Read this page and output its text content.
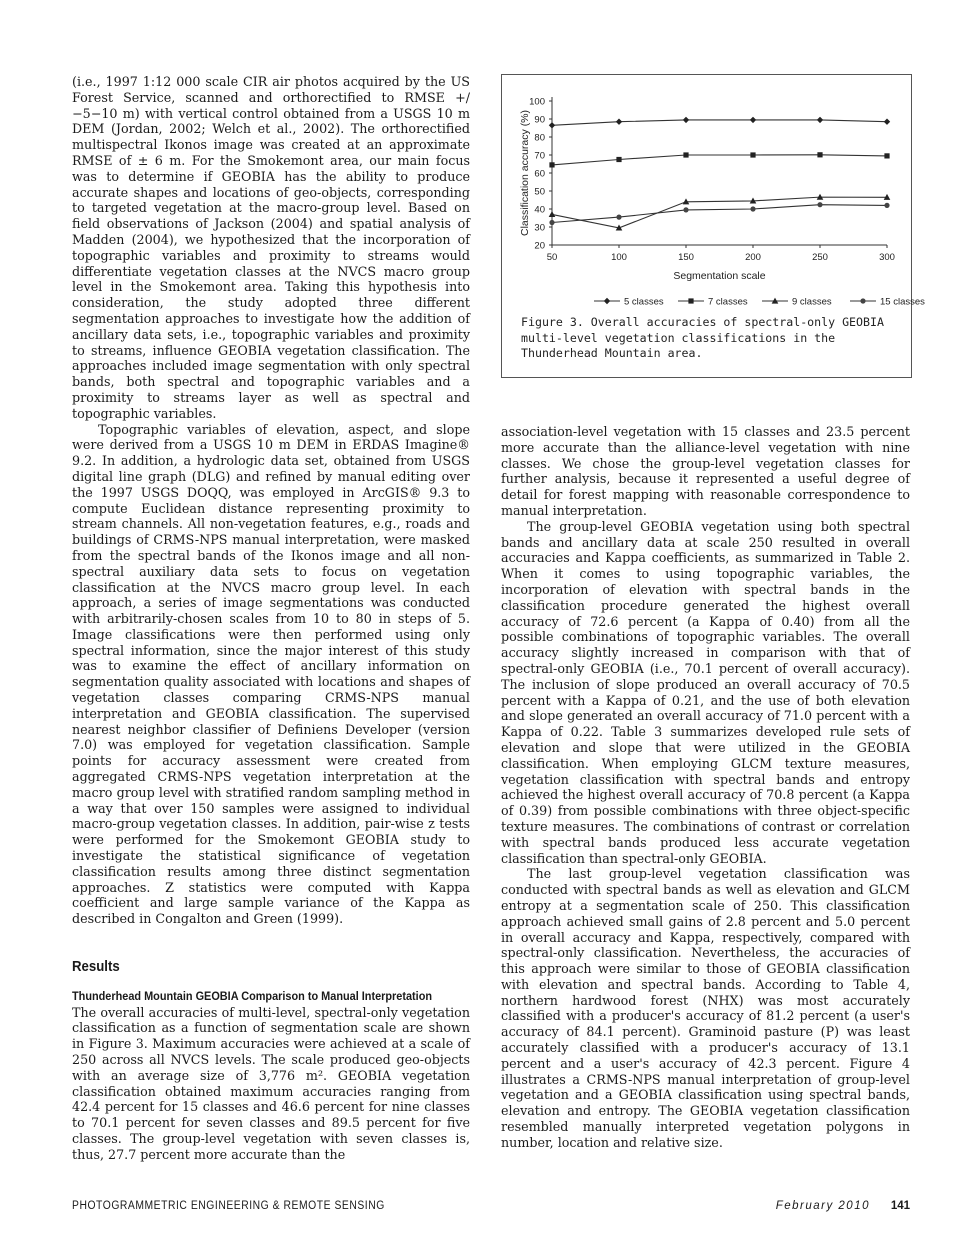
20
30
40
50
60
70
80
90
100
50	100	150	200	250	300
Segmentation scale
Classification accuracy (%)
5 classes	7 classes	9 classes	15 classes
Figure 3. Overall accuracies of spectral-only GEOBIA multi-level vegetation classifications in the Thunderhead Mountain area.

(i.e., 1997 1:12 000 scale CIR air photos acquired by the US Forest Service, scanned and orthorectified to RMSE +/−5−10 m) with vertical control obtained from a USGS 10 m DEM (Jordan, 2002; Welch et al., 2002). The orthorectified multispectral Ikonos image was created at an approximate RMSE of ± 6 m. For the Smokemont area, our main focus was to determine if GEOBIA has the ability to produce accurate shapes and locations of geo-objects, corresponding to targeted vegetation at the macro-group level. Based on field observations of Jackson (2004) and spatial analysis of Madden (2004), we hypothesized that the incorporation of topographic variables and proximity to streams would differentiate vegetation classes at the NVCS macro group level in the Smokemont area. Taking this hypothesis into consideration, the study adopted three different segmentation approaches to investigate how the addition of ancillary data sets, i.e., topographic variables and proximity to streams, influence GEOBIA vegetation classification. The approaches included image segmentation with only spectral bands, both spectral and topographic variables and a proximity to streams layer as well as spectral and topographic variables.

Topographic variables of elevation, aspect, and slope were derived from a USGS 10 m DEM in ERDAS Imagine® 9.2. In addition, a hydrologic data set, obtained from USGS digital line graph (DLG) and refined by manual editing over the 1997 USGS DOQQ, was employed in ArcGIS® 9.3 to compute Euclidean distance representing proximity to stream channels. All non-vegetation features, e.g., roads and buildings of CRMS-NPS manual interpretation, were masked from the spectral bands of the Ikonos image and all non-spectral auxiliary data sets to focus on vegetation classification at the NVCS macro group level. In each approach, a series of image segmentations was conducted with arbitrarily-chosen scales from 10 to 80 in steps of 5. Image classifications were then performed using only spectral information, since the major interest of this study was to examine the effect of ancillary information on segmentation quality associated with locations and shapes of vegetation classes comparing CRMS-NPS manual interpretation and GEOBIA classification. The supervised nearest neighbor classifier of Definiens Developer (version 7.0) was employed for vegetation classification. Sample points for accuracy assessment were created from aggregated CRMS-NPS vegetation interpretation at the macro group level with stratified random sampling method in a way that over 150 samples were assigned to individual macro-group vegetation classes. In addition, pair-wise z tests were performed for the Smokemont GEOBIA study to investigate the statistical significance of vegetation classification results among three distinct segmentation approaches. Z statistics were computed with Kappa coefficient and large sample variance of the Kappa as described in Congalton and Green (1999).

Results
Thunderhead Mountain GEOBIA Comparison to Manual Interpretation

The overall accuracies of multi-level, spectral-only vegetation classification as a function of segmentation scale are shown in Figure 3. Maximum accuracies were achieved at a scale of 250 across all NVCS levels. The scale produced geo-objects with an average size of 3,776 m². GEOBIA vegetation classification obtained maximum accuracies ranging from 42.4 percent for 15 classes and 46.6 percent for nine classes to 70.1 percent for seven classes and 89.5 percent for five classes. The group-level vegetation with seven classes is, thus, 27.7 percent more accurate than the

association-level vegetation with 15 classes and 23.5 percent more accurate than the alliance-level vegetation with nine classes. We chose the group-level vegetation classes for further analysis, because it represented a useful degree of detail for forest mapping with reasonable correspondence to manual interpretation.

The group-level GEOBIA vegetation using both spectral bands and ancillary data at scale 250 resulted in overall accuracies and Kappa coefficients, as summarized in Table 2. When it comes to using topographic variables, the incorporation of elevation with spectral bands in the classification procedure generated the highest overall accuracy of 72.6 percent (a Kappa of 0.40) from all the possible combinations of topographic variables. The overall accuracy slightly increased in comparison with that of spectral-only GEOBIA (i.e., 70.1 percent of overall accuracy). The inclusion of slope produced an overall accuracy of 70.5 percent with a Kappa of 0.21, and the use of both elevation and slope generated an overall accuracy of 71.0 percent with a Kappa of 0.22. Table 3 summarizes developed rule sets of elevation and slope that were utilized in the GEOBIA classification. When employing GLCM texture measures, vegetation classification with spectral bands and entropy achieved the highest overall accuracy of 70.8 percent (a Kappa of 0.39) from possible combinations with three object-specific texture measures. The combinations of contrast or correlation with spectral bands produced less accurate vegetation classification than spectral-only GEOBIA.

The last group-level vegetation classification was conducted with spectral bands as well as elevation and GLCM entropy at a segmentation scale of 250. This classification approach achieved small gains of 2.8 percent and 5.0 percent in overall accuracy and Kappa, respectively, compared with spectral-only classification. Nevertheless, the accuracies of this approach were similar to those of GEOBIA classification with elevation and spectral bands. According to Table 4, northern hardwood forest (NHX) was most accurately classified with a producer's accuracy of 81.2 percent (a user's accuracy of 84.1 percent). Graminoid pasture (P) was least accurately classified with a producer's accuracy of 13.1 percent and a user's accuracy of 42.3 percent. Figure 4 illustrates a CRMS-NPS manual interpretation of group-level vegetation and a GEOBIA classification using spectral bands, elevation and entropy. The GEOBIA vegetation classification resembled manually interpreted vegetation polygons in number, location and relative size.

PHOTOGRAMMETRIC ENGINEERING & REMOTE SENSING	February 2010 141
